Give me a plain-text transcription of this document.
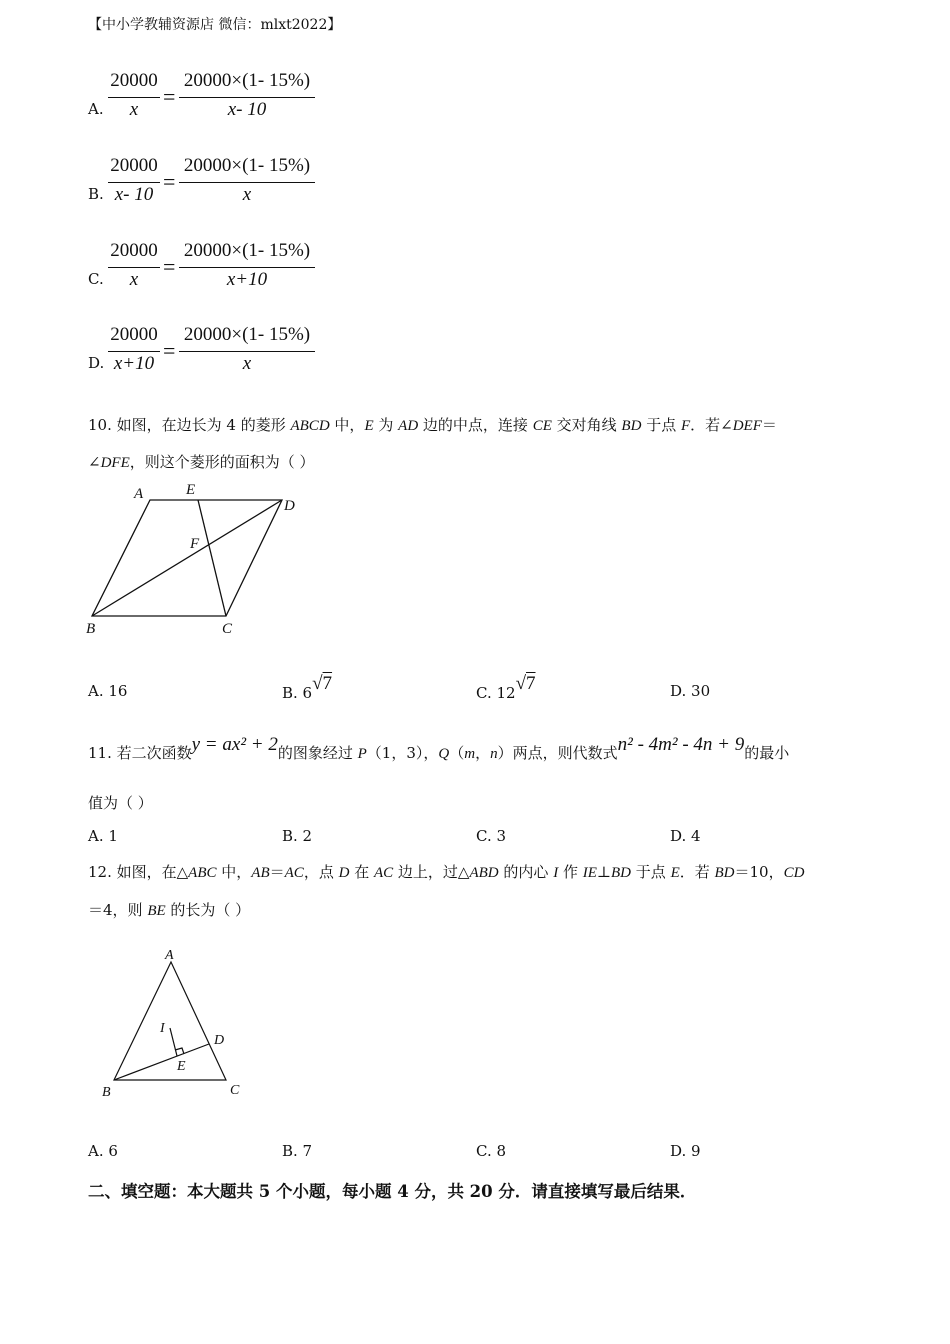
【中小学教辅资源店 微信：mlxt2022】
A.
20000
x
=
20000×(1- 15%)
x- 10
B.
20000
x- 10
=
20000×(1- 15%)
x
C.
20000
x
=
20000×(1- 15%)
x+10
D.
20000
x+10
=
20000×(1- 15%)
x
10. 如图，在边长为 4 的菱形 ABCD 中，E 为 AD 边的中点，连接 CE 交对角线 BD 于点 F．若∠DEF＝
∠DFE，则这个菱形的面积为（ ）
A	E
D
F
B	C
A. 16	B. 6√7	C. 12√7	D. 30
11. 若二次函数y = ax² + 2的图象经过 P（1，3），Q（m，n）两点，则代数式n² - 4m² - 4n + 9的最小
值为（ ）
A. 1	B. 2	C. 3	D. 4
12. 如图，在△ABC 中，AB＝AC，点 D 在 AC 边上，过△ABD 的内心 I 作 IE⊥BD 于点 E．若 BD＝10，CD
＝4，则 BE 的长为（ ）
A
I
D
E
B	C
A. 6	B. 7	C. 8	D. 9
二、填空题：本大题共 5 个小题，每小题 4 分，共 20 分．请直接填写最后结果．
